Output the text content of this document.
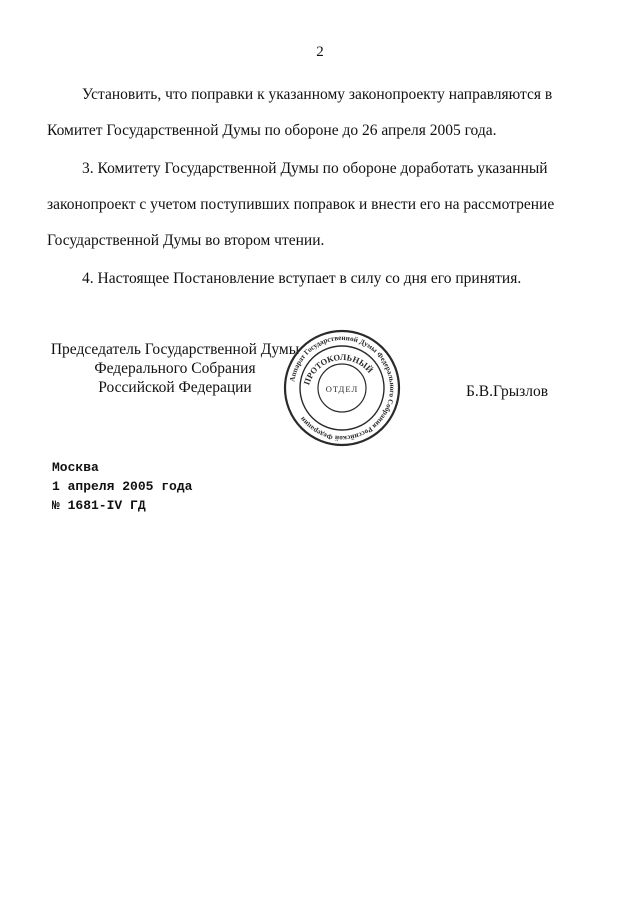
2
Установить, что поправки к указанному законопроекту направляются в
Комитет Государственной Думы по обороне до 26 апреля 2005 года.
3. Комитету Государственной Думы по обороне доработать указанный
законопроект с учетом поступивших поправок и внести его на рассмотрение
Государственной Думы во втором чтении.
4. Настоящее Постановление вступает в силу со дня его принятия.
Председатель Государственной Думы
Федерального Собрания
Российской Федерации	Аппарат Государственной Думы Федерального Собрания Российской Федерации
ПРОТОКОЛЬНЫЙ
ОТДЕЛ	Б.В.Грызлов
Москва
1 апреля 2005 года
№ 1681-IV ГД
